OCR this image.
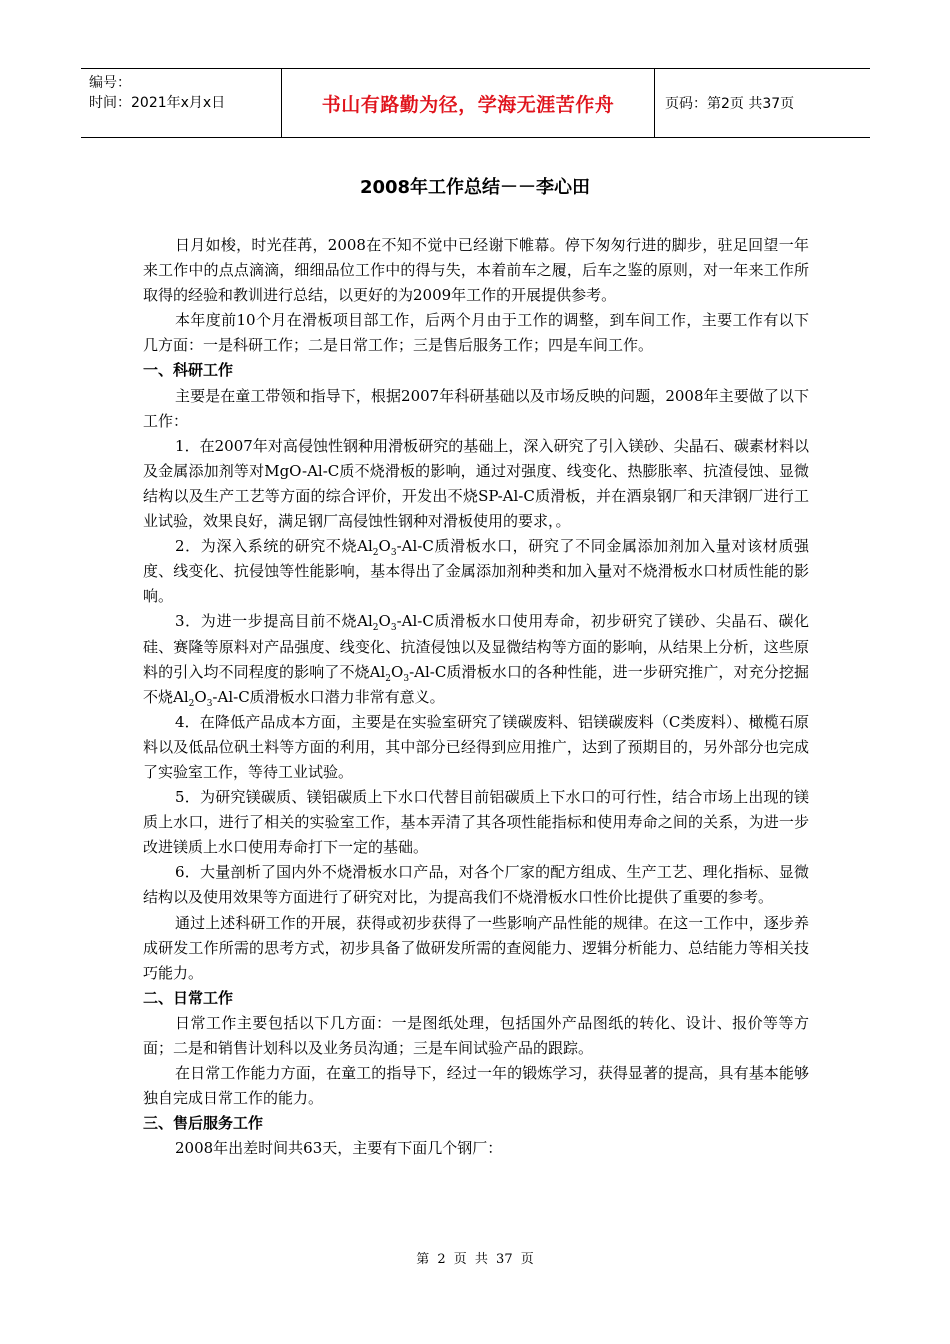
编号：
时间：2021年x月x日	书山有路勤为径，学海无涯苦作舟	页码：第2页 共37页
2008年工作总结－－李心田

日月如梭，时光荏苒，2008在不知不觉中已经谢下帷幕。停下匆匆行进的脚步，驻足回望一年来工作中的点点滴滴，细细品位工作中的得与失，本着前车之履，后车之鉴的原则，对一年来工作所取得的经验和教训进行总结，以更好的为2009年工作的开展提供参考。

本年度前10个月在滑板项目部工作，后两个月由于工作的调整，到车间工作，主要工作有以下几方面：一是科研工作；二是日常工作；三是售后服务工作；四是车间工作。

一、科研工作

主要是在童工带领和指导下，根据2007年科研基础以及市场反映的问题，2008年主要做了以下工作：

1．在2007年对高侵蚀性钢种用滑板研究的基础上，深入研究了引入镁砂、尖晶石、碳素材料以及金属添加剂等对MgO-Al-C质不烧滑板的影响，通过对强度、线变化、热膨胀率、抗渣侵蚀、显微结构以及生产工艺等方面的综合评价，开发出不烧SP-Al-C质滑板，并在酒泉钢厂和天津钢厂进行工业试验，效果良好，满足钢厂高侵蚀性钢种对滑板使用的要求，。

2．为深入系统的研究不烧$Al_2O_3-Al-C$质滑板水口，研究了不同金属添加剂加入量对该材质强度、线变化、抗侵蚀等性能影响，基本得出了金属添加剂种类和加入量对不烧滑板水口材质性能的影响。

3．为进一步提高目前不烧$Al_2O_3-Al-C$质滑板水口使用寿命，初步研究了镁砂、尖晶石、碳化硅、赛隆等原料对产品强度、线变化、抗渣侵蚀以及显微结构等方面的影响，从结果上分析，这些原料的引入均不同程度的影响了不烧$Al_2O_3-Al-C$质滑板水口的各种性能，进一步研究推广，对充分挖掘不烧$Al_2O_3-Al-C$质滑板水口潜力非常有意义。

4．在降低产品成本方面，主要是在实验室研究了镁碳废料、铝镁碳废料（C类废料）、橄榄石原料以及低品位矾土料等方面的利用，其中部分已经得到应用推广，达到了预期目的，另外部分也完成了实验室工作，等待工业试验。

5．为研究镁碳质、镁铝碳质上下水口代替目前铝碳质上下水口的可行性，结合市场上出现的镁质上水口，进行了相关的实验室工作，基本弄清了其各项性能指标和使用寿命之间的关系，为进一步改进镁质上水口使用寿命打下一定的基础。

6．大量剖析了国内外不烧滑板水口产品，对各个厂家的配方组成、生产工艺、理化指标、显微结构以及使用效果等方面进行了研究对比，为提高我们不烧滑板水口性价比提供了重要的参考。

通过上述科研工作的开展，获得或初步获得了一些影响产品性能的规律。在这一工作中，逐步养成研发工作所需的思考方式，初步具备了做研发所需的查阅能力、逻辑分析能力、总结能力等相关技巧能力。

二、日常工作

日常工作主要包括以下几方面：一是图纸处理，包括国外产品图纸的转化、设计、报价等等方面；二是和销售计划科以及业务员沟通；三是车间试验产品的跟踪。

在日常工作能力方面，在童工的指导下，经过一年的锻炼学习，获得显著的提高，具有基本能够独自完成日常工作的能力。

三、售后服务工作

2008年出差时间共63天，主要有下面几个钢厂：

第 2 页 共 37 页
